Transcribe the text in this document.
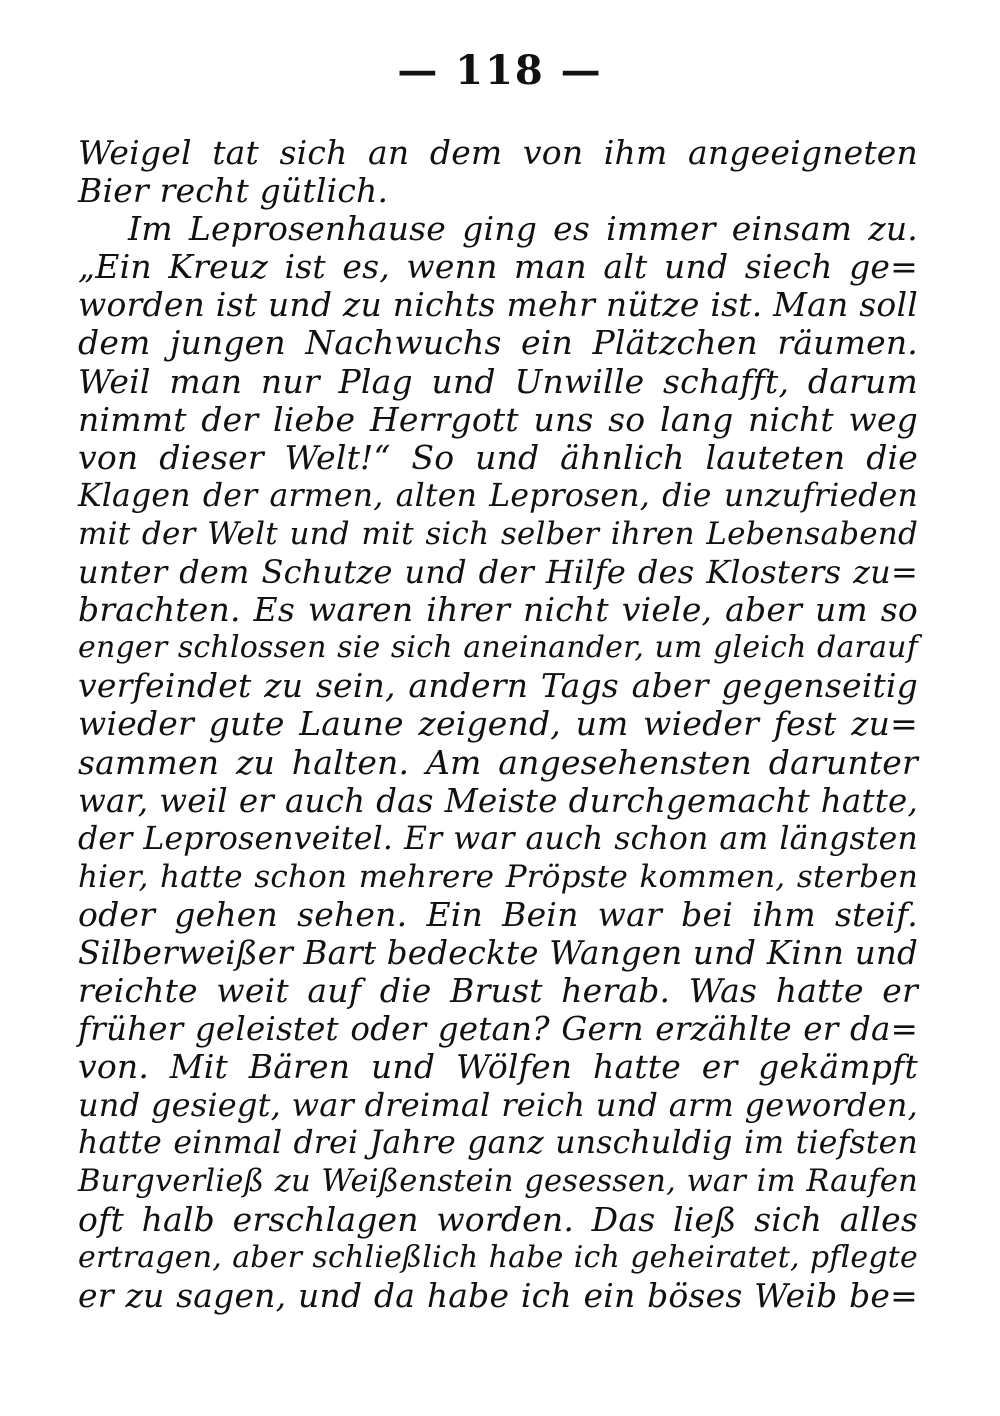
— 118 —
Weigel tat sich an dem von ihm angeeigneten
Bier recht gütlich.
Im Leprosenhause ging es immer einsam zu.
„Ein Kreuz ist es, wenn man alt und siech ge=
worden ist und zu nichts mehr nütze ist. Man soll
dem jungen Nachwuchs ein Plätzchen räumen.
Weil man nur Plag und Unwille schafft, darum
nimmt der liebe Herrgott uns so lang nicht weg
von dieser Welt!“ So und ähnlich lauteten die
Klagen der armen, alten Leprosen, die unzufrieden
mit der Welt und mit sich selber ihren Lebensabend
unter dem Schutze und der Hilfe des Klosters zu=
brachten. Es waren ihrer nicht viele, aber um so
enger schlossen sie sich aneinander, um gleich darauf
verfeindet zu sein, andern Tags aber gegenseitig
wieder gute Laune zeigend, um wieder fest zu=
sammen zu halten. Am angesehensten darunter
war, weil er auch das Meiste durchgemacht hatte,
der Leprosenveitel. Er war auch schon am längsten
hier, hatte schon mehrere Pröpste kommen, sterben
oder gehen sehen. Ein Bein war bei ihm steif.
Silberweißer Bart bedeckte Wangen und Kinn und
reichte weit auf die Brust herab. Was hatte er
früher geleistet oder getan? Gern erzählte er da=
von. Mit Bären und Wölfen hatte er gekämpft
und gesiegt, war dreimal reich und arm geworden,
hatte einmal drei Jahre ganz unschuldig im tiefsten
Burgverließ zu Weißenstein gesessen, war im Raufen
oft halb erschlagen worden. Das ließ sich alles
ertragen, aber schließlich habe ich geheiratet, pflegte
er zu sagen, und da habe ich ein böses Weib be=
